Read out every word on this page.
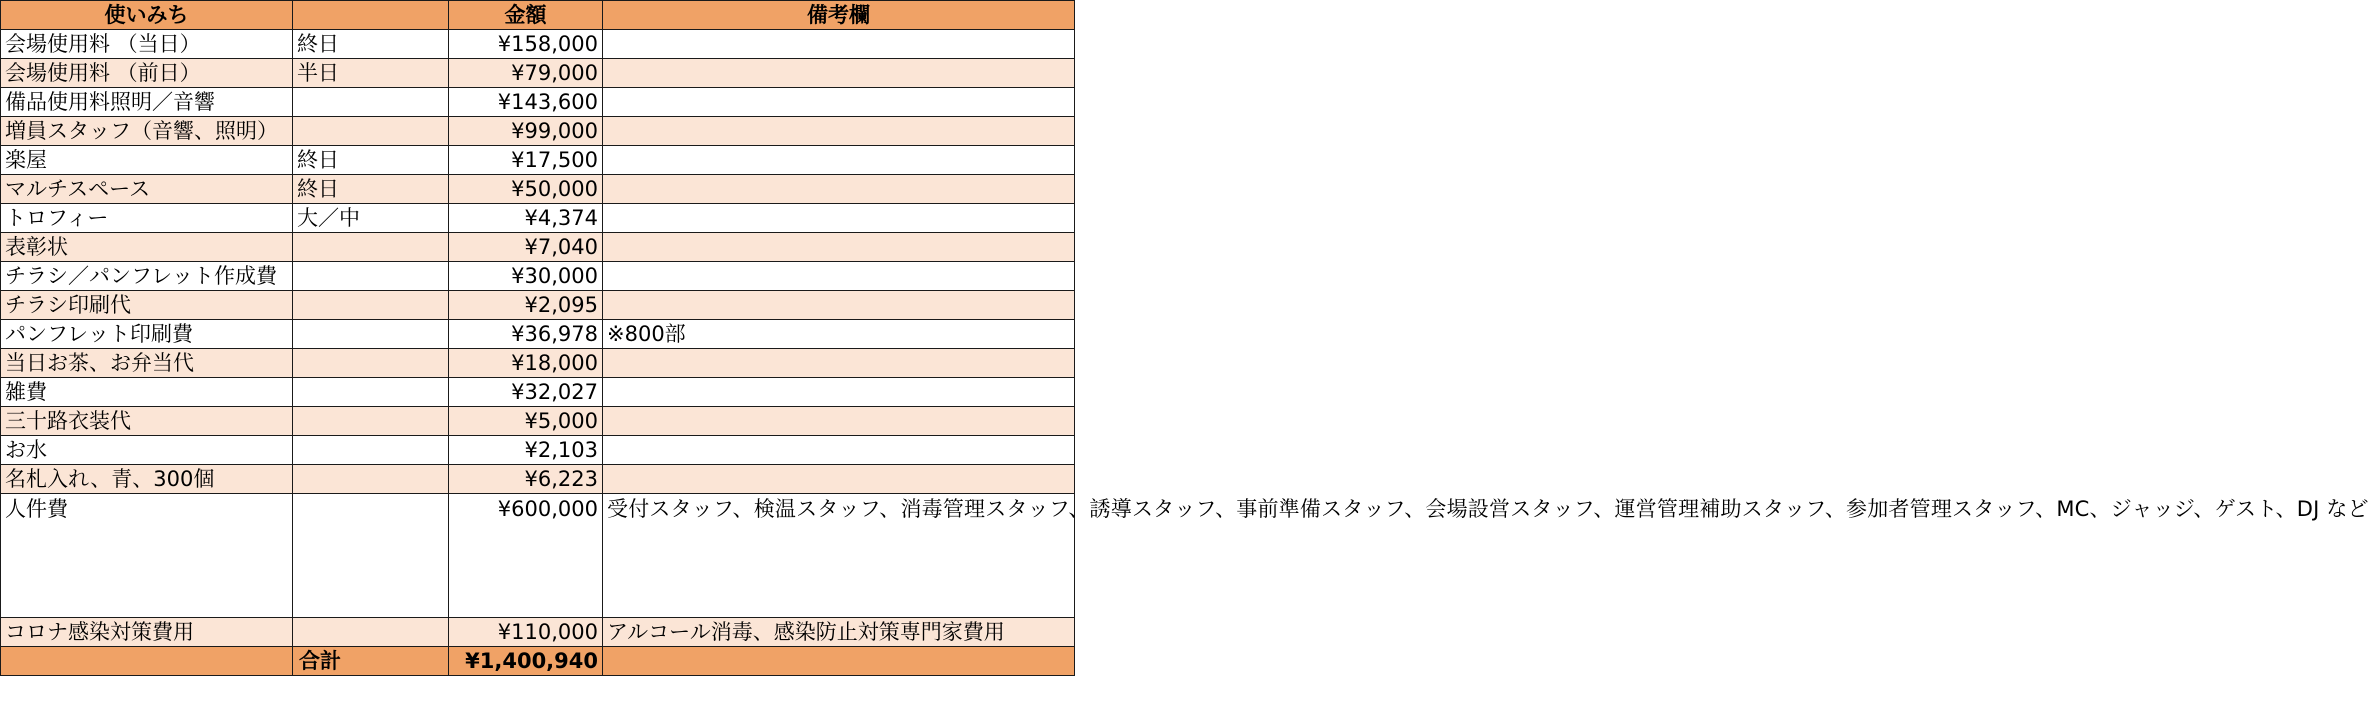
使いみち		金額	備考欄
会場使用料 （当日）	終日	¥158,000	
会場使用料 （前日）	半日	¥79,000	
備品使用料照明／音響		¥143,600	
増員スタッフ（音響、照明）		¥99,000	
楽屋	終日	¥17,500	
マルチスペース	終日	¥50,000	
トロフィー	大／中	¥4,374	
表彰状		¥7,040	
チラシ／パンフレット作成費		¥30,000	
チラシ印刷代		¥2,095	
パンフレット印刷費		¥36,978	※800部
当日お茶、お弁当代		¥18,000	
雑費		¥32,027	
三十路衣装代		¥5,000	
お水		¥2,103	
名札入れ、青、300個		¥6,223	
人件費		¥600,000	受付スタッフ、検温スタッフ、消毒管理スタッフ、誘導スタッフ、事前準備スタッフ、会場設営スタッフ、運営管理補助スタッフ、参加者管理スタッフ、MC、ジャッジ、ゲスト、DJ など
コロナ感染対策費用		¥110,000	アルコール消毒、感染防止対策専門家費用
	合計	¥1,400,940	
